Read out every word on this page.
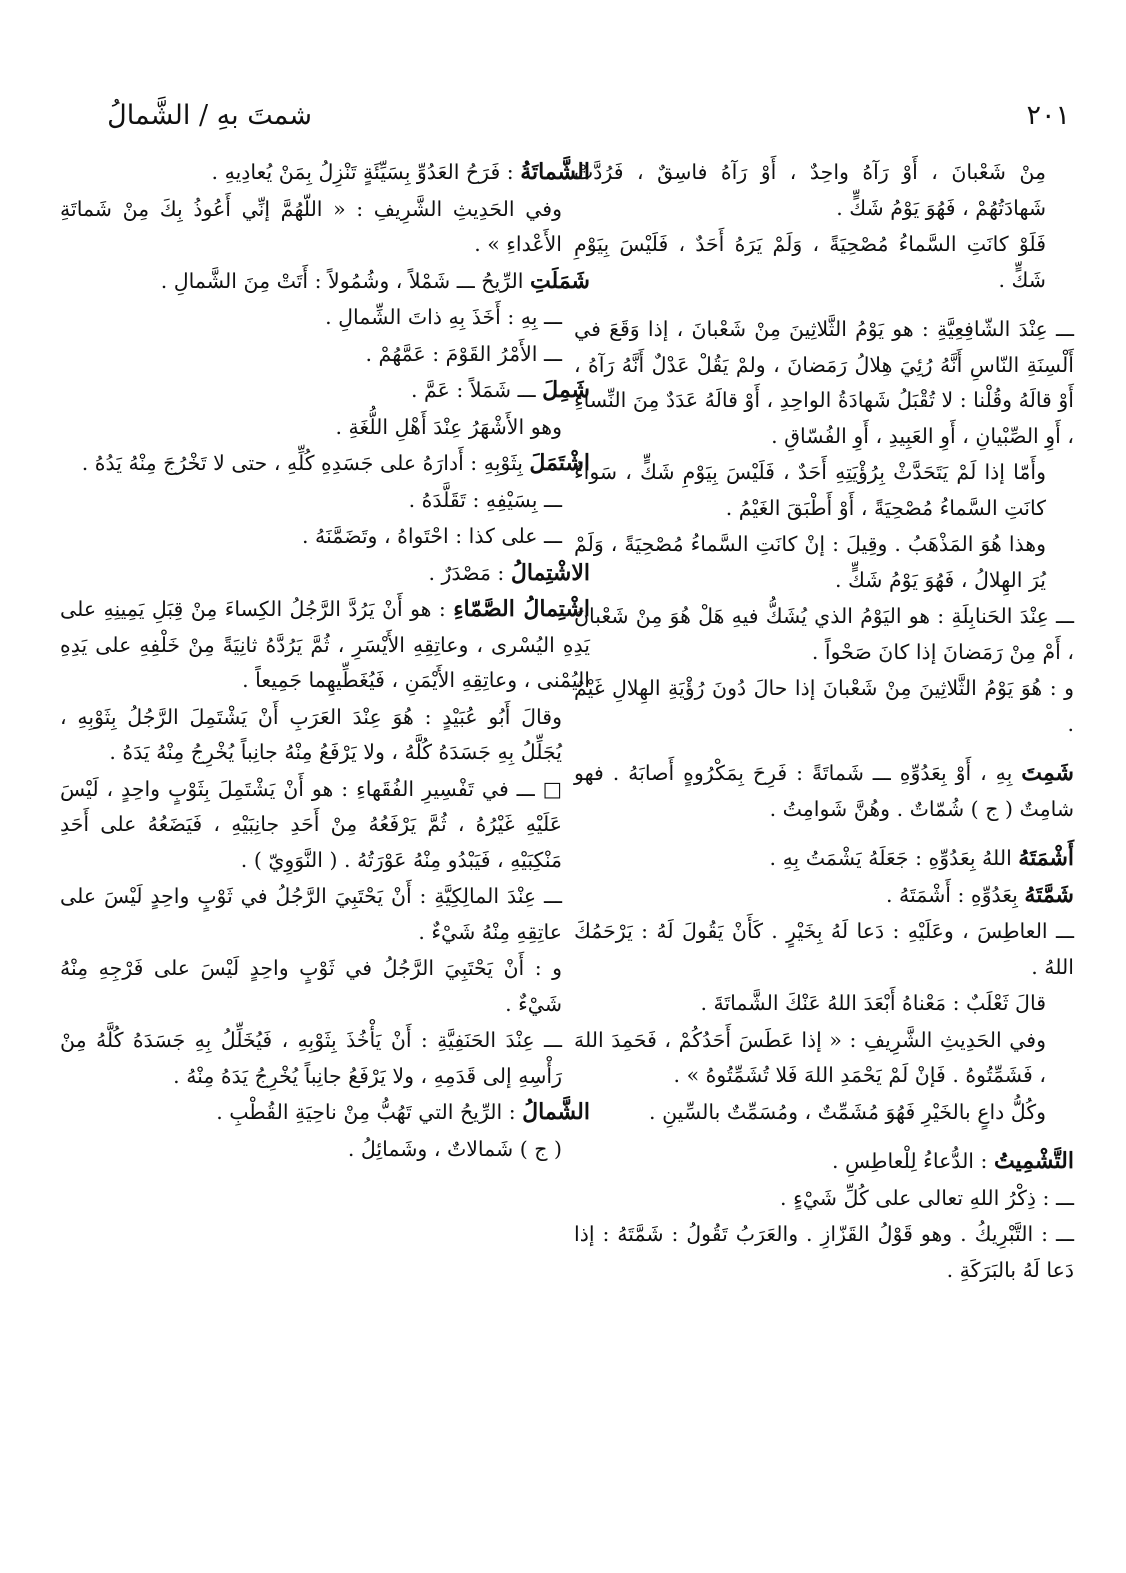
٢٠١
شمتَ بهِ / الشَّمالُ
مِنْ شَعْبانَ ، أَوْ رَآهُ واحِدٌ ، أَوْ رَآهُ فاسِقٌ ، فَرُدَّتْ شَهادَتُهُمْ ، فَهُوَ يَوْمُ شَكٍّ .
فَلَوْ كانَتِ السَّماءُ مُصْحِيَةً ، وَلَمْ يَرَهُ أَحَدٌ ، فَلَيْسَ بِيَوْمِ شَكٍّ .
ـــ عِنْدَ الشّافِعِيَّةِ : هو يَوْمُ الثَّلاثِينَ مِنْ شَعْبانَ ، إذا وَقَعَ في أَلْسِنَةِ النّاسِ أَنَّهُ رُئِيَ هِلالُ رَمَضانَ ، ولمْ يَقُلْ عَدْلٌ أَنَّهُ رَآهُ ، أَوْ قالَهُ وقُلْنا : لا تُقْبَلُ شَهادَةُ الواحِدِ ، أَوْ قالَهُ عَدَدٌ مِنَ النِّساءِ ، أَوِ الصِّبْيانِ ، أَوِ العَبِيدِ ، أَوِ الفُسّاقِ .
وأَمّا إذا لَمْ يَتَحَدَّثْ بِرُؤْيَتِهِ أَحَدٌ ، فَلَيْسَ بِيَوْمِ شَكٍّ ، سَواءٌ كانَتِ السَّماءُ مُصْحِيَةً ، أَوْ أَطْبَقَ الغَيْمُ .
وهذا هُوَ المَذْهَبُ . وقِيلَ : إنْ كانَتِ السَّماءُ مُصْحِيَةً ، وَلَمْ يُرَ الهِلالُ ، فَهُوَ يَوْمُ شَكٍّ .
ـــ عِنْدَ الحَنابِلَةِ : هو اليَوْمُ الذي يُشَكُّ فيهِ هَلْ هُوَ مِنْ شَعْبانَ ، أَمْ مِنْ رَمَضانَ إذا كانَ صَحْواً .
و : هُوَ يَوْمُ الثَّلاثِينَ مِنْ شَعْبانَ إذا حالَ دُونَ رُؤْيَةِ الهِلالِ غَيْمٌ .
شَمِتَ بِهِ ، أَوْ بِعَدُوِّهِ ـــ شَماتَةً : فَرِحَ بِمَكْرُوهٍ أَصابَهُ . فهو شامِتٌ ( ج ) شُمّاتٌ . وهُنَّ شَوامِتُ .
أَشْمَتَهُ اللهُ بِعَدُوِّهِ : جَعَلَهُ يَشْمَتُ بِهِ .
شَمَّتَهُ بِعَدُوِّهِ : أَشْمَتَهُ .
ـــ العاطِسَ ، وعَلَيْهِ : دَعا لَهُ بِخَيْرٍ . كَأَنْ يَقُولَ لَهُ : يَرْحَمُكَ اللهُ .
قالَ ثَعْلَبٌ : مَعْناهُ أَبْعَدَ اللهُ عَنْكَ الشَّماتَةَ .
وفي الحَدِيثِ الشَّرِيفِ : « إذا عَطَسَ أَحَدُكُمْ ، فَحَمِدَ اللهَ ، فَشَمِّتُوهُ . فَإنْ لَمْ يَحْمَدِ اللهَ فَلا تُشَمِّتُوهُ » .
وكُلُّ داعٍ بالخَيْرِ فَهُوَ مُشَمِّتٌ ، ومُسَمِّتٌ بالسِّينِ .
التَّشْمِيتُ : الدُّعاءُ لِلْعاطِسِ .
ـــ : ذِكْرُ اللهِ تعالى على كُلِّ شَيْءٍ .
ـــ : التَّبْرِيكُ . وهو قَوْلُ القَزّازِ . والعَرَبُ تَقُولُ : شَمَّتَهُ : إذا دَعا لَهُ بالبَرَكَةِ .
الشَّماتَةُ : فَرَحُ العَدُوِّ بِسَيِّئَةٍ تَنْزِلُ بِمَنْ يُعادِيهِ .
وفي الحَدِيثِ الشَّرِيفِ : « اللّهُمَّ إنِّي أَعُوذُ بِكَ مِنْ شَماتَةِ الأَعْداءِ » .
شَمَلَتِ الرِّيحُ ـــ شَمْلاً ، وشُمُولاً : أَتَتْ مِنَ الشَّمالِ .
ـــ بِهِ : أَخَذَ بِهِ ذاتَ الشِّمالِ .
ـــ الأَمْرُ القَوْمَ : عَمَّهُمْ .
شَمِلَ ـــ شَمَلاً : عَمَّ .
وهو الأَشْهَرُ عِنْدَ أَهْلِ اللُّغَةِ .
اشْتَمَلَ بِثَوْبِهِ : أَدارَهُ على جَسَدِهِ كُلِّهِ ، حتى لا تَخْرُجَ مِنْهُ يَدُهُ .
ـــ بِسَيْفِهِ : تَقَلَّدَهُ .
ـــ على كذا : احْتَواهُ ، وتَضَمَّنَهُ .
الاشْتِمالُ : مَصْدَرٌ .
اشْتِمالُ الصَّمّاءِ : هو أَنْ يَرُدَّ الرَّجُلُ الكِساءَ مِنْ قِبَلِ يَمِينِهِ على يَدِهِ اليُسْرى ، وعاتِقِهِ الأَيْسَرِ ، ثُمَّ يَرُدَّهُ ثانِيَةً مِنْ خَلْفِهِ على يَدِهِ اليُمْنى ، وعاتِقِهِ الأَيْمَنِ ، فَيُغَطِّيهِما جَمِيعاً .
وقالَ أَبُو عُبَيْدٍ : هُوَ عِنْدَ العَرَبِ أَنْ يَشْتَمِلَ الرَّجُلُ بِثَوْبِهِ ، يُجَلِّلُ بِهِ جَسَدَهُ كُلَّهُ ، ولا يَرْفَعُ مِنْهُ جانِباً يُخْرِجُ مِنْهُ يَدَهُ .
□ ـــ في تَفْسِيرِ الفُقَهاءِ : هو أَنْ يَشْتَمِلَ بِثَوْبٍ واحِدٍ ، لَيْسَ عَلَيْهِ غَيْرُهُ ، ثُمَّ يَرْفَعُهُ مِنْ أَحَدِ جانِبَيْهِ ، فَيَضَعُهُ على أَحَدِ مَنْكِبَيْهِ ، فَيَبْدُو مِنْهُ عَوْرَتُهُ . ( النَّوَوِيّ ) .
ـــ عِنْدَ المالِكِيَّةِ : أَنْ يَحْتَبِيَ الرَّجُلُ في ثَوْبٍ واحِدٍ لَيْسَ على عاتِقِهِ مِنْهُ شَيْءٌ .
و : أَنْ يَحْتَبِيَ الرَّجُلُ في ثَوْبٍ واحِدٍ لَيْسَ على فَرْجِهِ مِنْهُ شَيْءٌ .
ـــ عِنْدَ الحَنَفِيَّةِ : أَنْ يَأْخُذَ بِثَوْبِهِ ، فَيُخَلِّلُ بِهِ جَسَدَهُ كُلَّهُ مِنْ رَأْسِهِ إلى قَدَمِهِ ، ولا يَرْفَعُ جانِباً يُخْرِجُ يَدَهُ مِنْهُ .
الشَّمالُ : الرِّيحُ التي تَهُبُّ مِنْ ناحِيَةِ القُطْبِ .
( ج ) شَمالاتٌ ، وشَمائِلُ .
